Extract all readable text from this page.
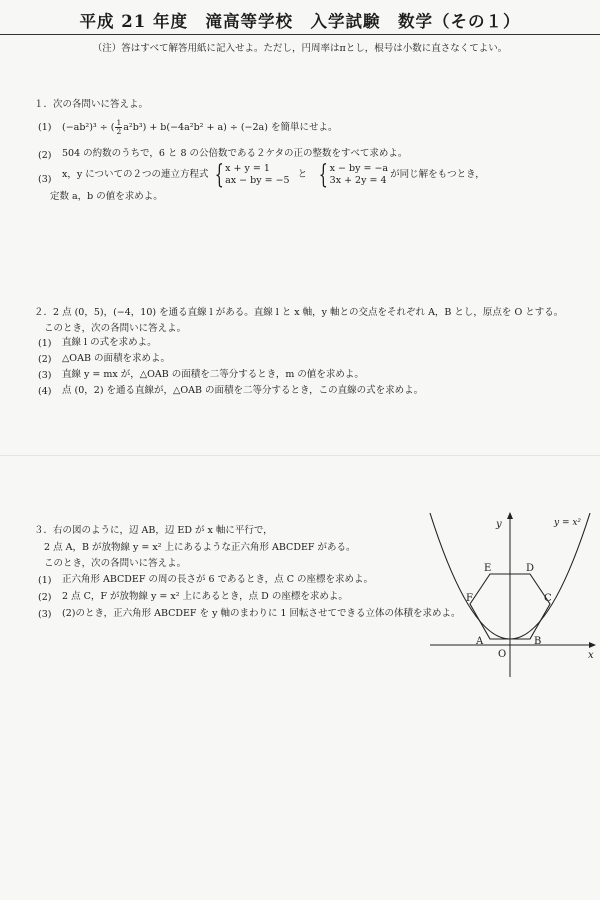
平成 21 年度　滝高等学校　入学試験　数学（その１）
（注）答はすべて解答用紙に記入せよ。ただし，円周率はπとし，根号は小数に直さなくてよい。
１．次の各問いに答えよ。
(1) (−ab²)³ ÷ ( $\frac{1}{2} a^2b^3) + b(-4a^2b^2 + a) \div (-2a)$ を簡単にせよ。
(2) 504 の約数のうちで，6 と 8 の公倍数である２ケタの正の整数をすべて求めよ。
(3) x，y についての２つの連立方程式 { x + y = 1
ax − by = −5
と { x − by = −a
3x + 2y = 4
が同じ解をもつとき，
定数 a，b の値を求めよ。
２．2 点 (0，5)，(−4，10) を通る直線 l がある。直線 l と x 軸，y 軸との交点をそれぞれ A，B とし，原点を O とする。
このとき，次の各問いに答えよ。
(1) 直線 l の式を求めよ。
(2) △OAB の面積を求めよ。
(3) 直線 y = mx が，△OAB の面積を二等分するとき，m の値を求めよ。
(4) 点 (0，2) を通る直線が，△OAB の面積を二等分するとき，この直線の式を求めよ。
３．右の図のように，辺 AB，辺 ED が x 軸に平行で，
2 点 A，B が放物線 y = x² 上にあるような正六角形 ABCDEF がある。
このとき，次の各問いに答えよ。
(1) 正六角形 ABCDEF の周の長さが 6 であるとき，点 C の座標を求めよ。
(2) 2 点 C，F が放物線 y = x² 上にあるとき，点 D の座標を求めよ。
(3) (2)のとき，正六角形 ABCDEF を y 軸のまわりに 1 回転させてできる立体の体積を求めよ。
y
x
O
y = x²
A	B
C
D
E
F
